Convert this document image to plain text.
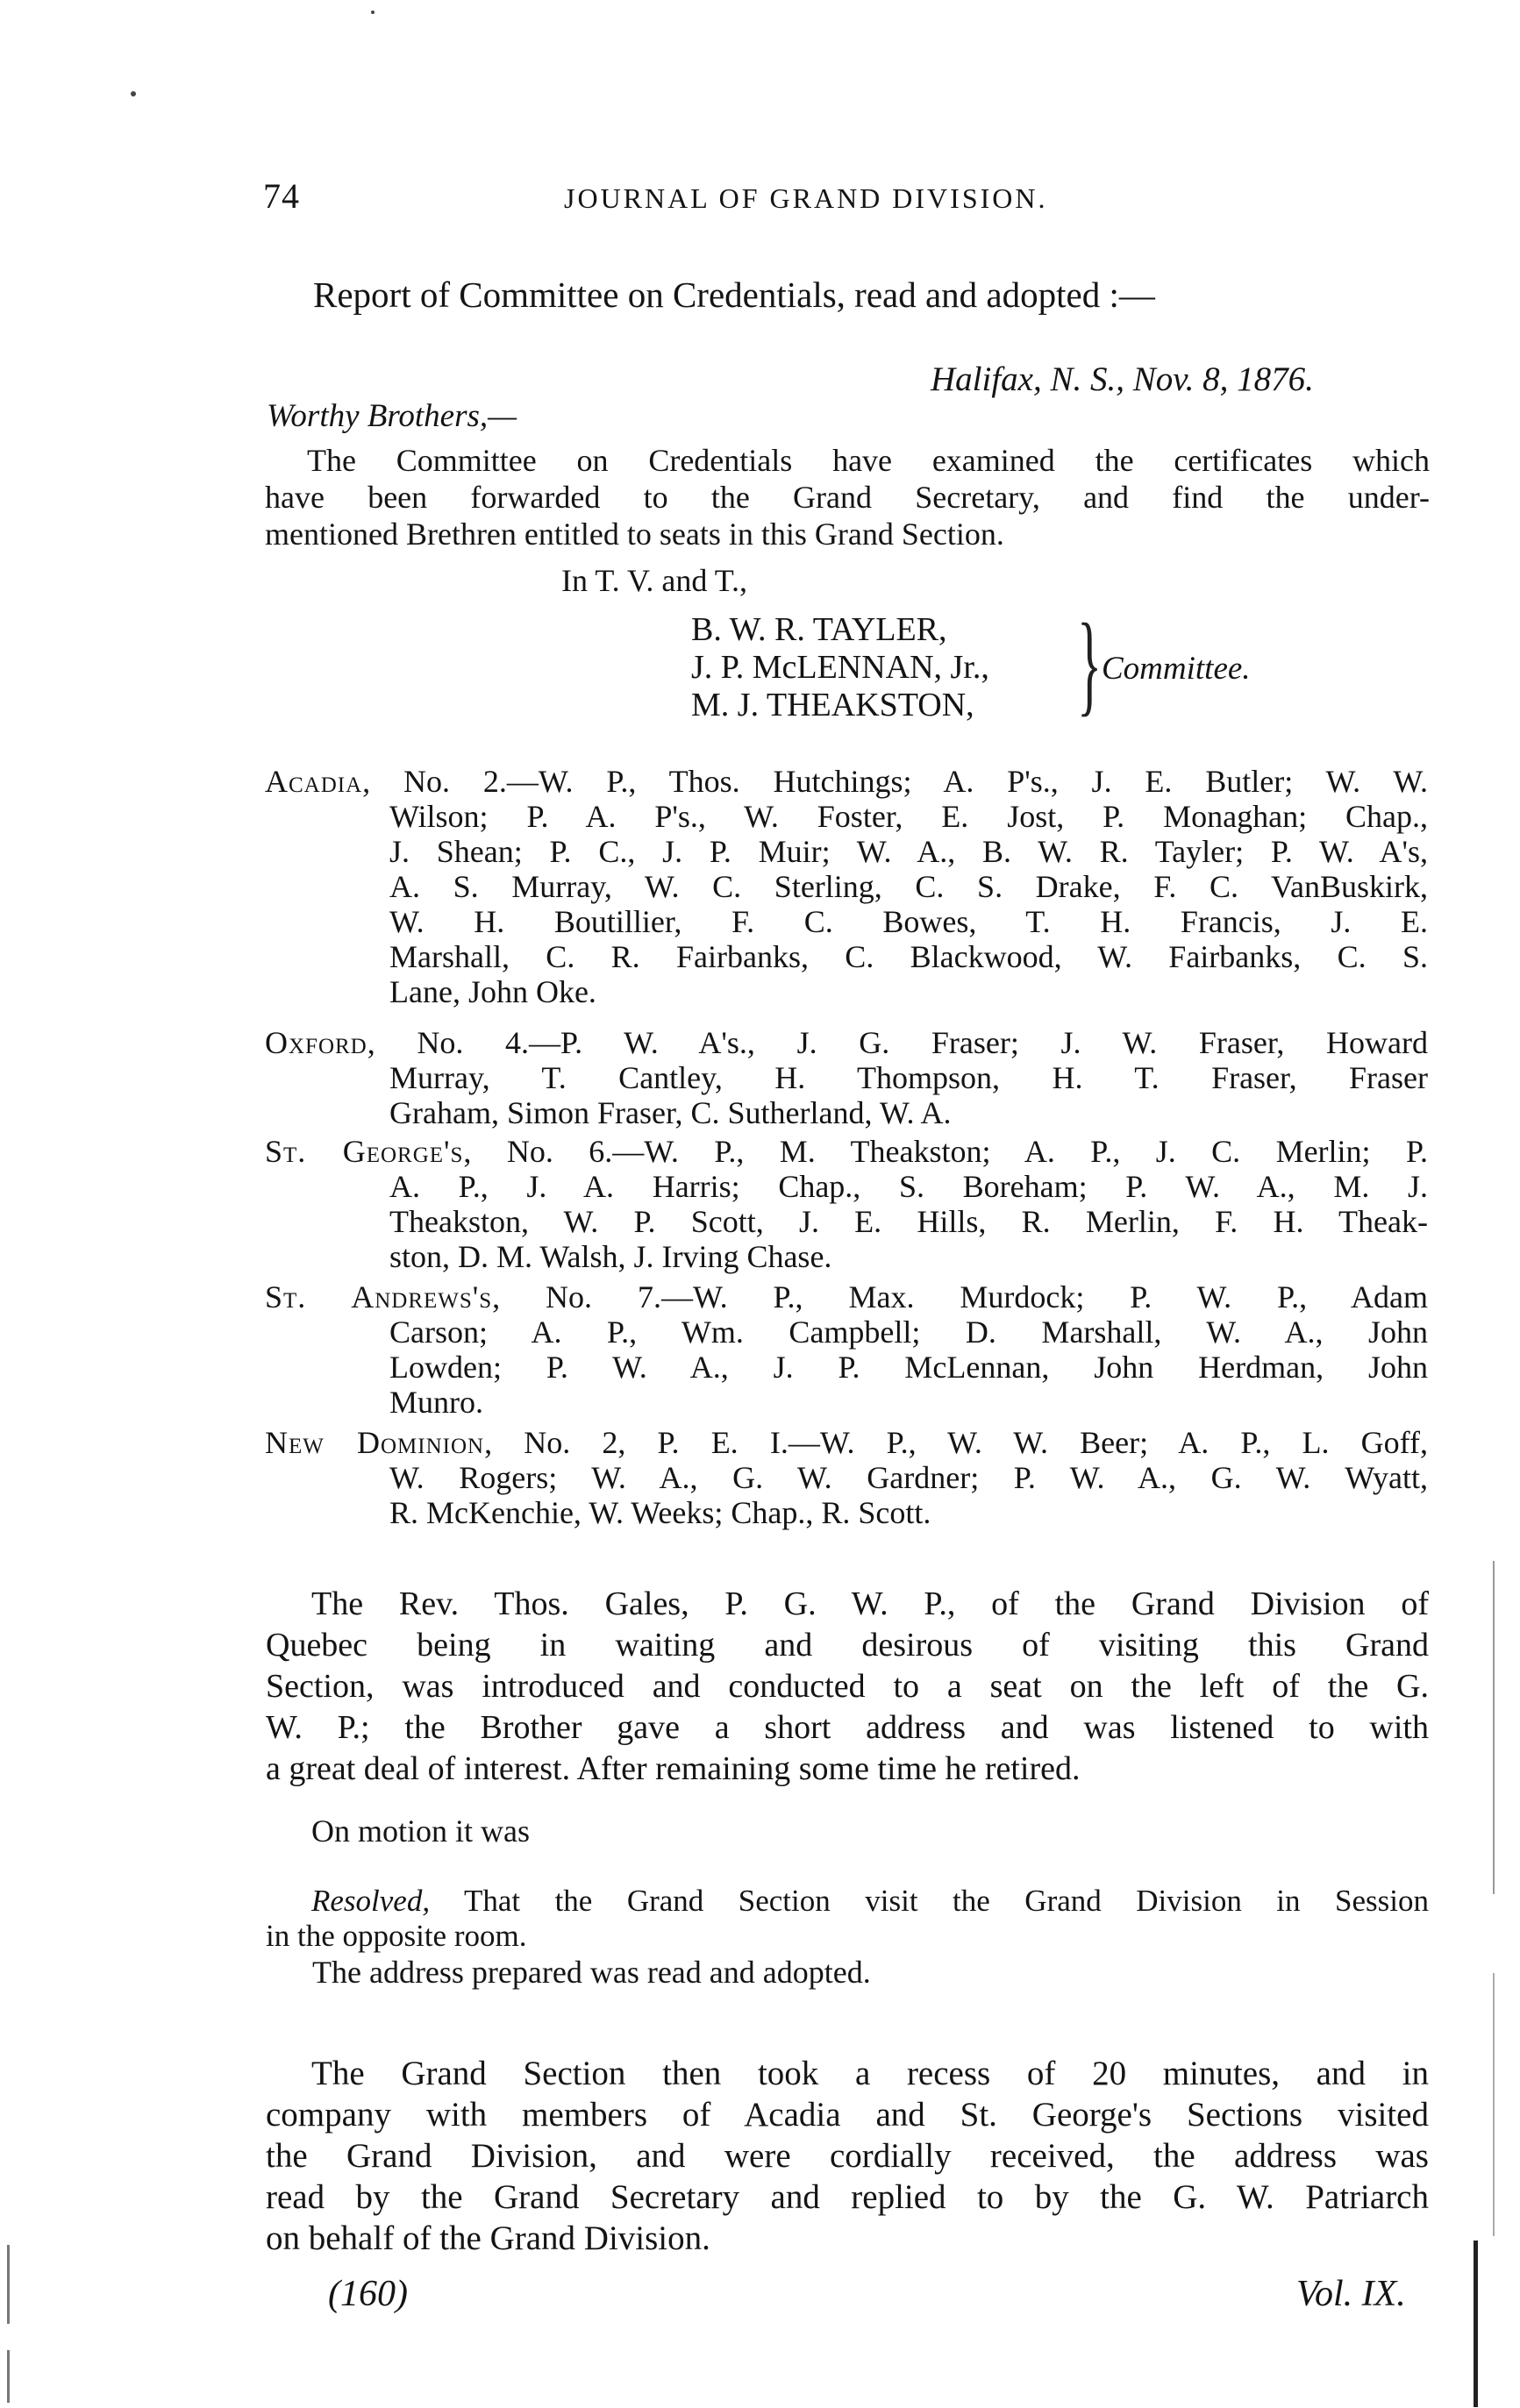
74	JOURNAL OF GRAND DIVISION.
Report of Committee on Credentials, read and adopted :—
Halifax, N. S., Nov. 8, 1876.
Worthy Brothers,—
The Committee on Credentials have examined the certificates which
have been forwarded to the Grand Secretary, and find the under-
mentioned Brethren entitled to seats in this Grand Section.
In T. V. and T.,
B. W. R. TAYLER,
J. P. McLENNAN, Jr.,
M. J. THEAKSTON, } Committee.
Acadia, No. 2.—W. P., Thos. Hutchings; A. P's., J. E. Butler; W. W.
Wilson; P. A. P's., W. Foster, E. Jost, P. Monaghan; Chap.,
J. Shean; P. C., J. P. Muir; W. A., B. W. R. Tayler; P. W. A's,
A. S. Murray, W. C. Sterling, C. S. Drake, F. C. VanBuskirk,
W. H. Boutillier, F. C. Bowes, T. H. Francis, J. E.
Marshall, C. R. Fairbanks, C. Blackwood, W. Fairbanks, C. S.
Lane, John Oke.
Oxford, No. 4.—P. W. A's., J. G. Fraser; J. W. Fraser, Howard
Murray, T. Cantley, H. Thompson, H. T. Fraser, Fraser
Graham, Simon Fraser, C. Sutherland, W. A.
St. George's, No. 6.—W. P., M. Theakston; A. P., J. C. Merlin; P.
A. P., J. A. Harris; Chap., S. Boreham; P. W. A., M. J.
Theakston, W. P. Scott, J. E. Hills, R. Merlin, F. H. Theak-
ston, D. M. Walsh, J. Irving Chase.
St. Andrews's, No. 7.—W. P., Max. Murdock; P. W. P., Adam
Carson; A. P., Wm. Campbell; D. Marshall, W. A., John
Lowden; P. W. A., J. P. McLennan, John Herdman, John
Munro.
New Dominion, No. 2, P. E. I.—W. P., W. W. Beer; A. P., L. Goff,
W. Rogers; W. A., G. W. Gardner; P. W. A., G. W. Wyatt,
R. McKenchie, W. Weeks; Chap., R. Scott.
The Rev. Thos. Gales, P. G. W. P., of the Grand Division of
Quebec being in waiting and desirous of visiting this Grand
Section, was introduced and conducted to a seat on the left of the G.
W. P.; the Brother gave a short address and was listened to with
a great deal of interest. After remaining some time he retired.
On motion it was
Resolved, That the Grand Section visit the Grand Division in Session
in the opposite room.
The address prepared was read and adopted.
The Grand Section then took a recess of 20 minutes, and in
company with members of Acadia and St. George's Sections visited
the Grand Division, and were cordially received, the address was
read by the Grand Secretary and replied to by the G. W. Patriarch
on behalf of the Grand Division.
(160)	Vol. IX.
